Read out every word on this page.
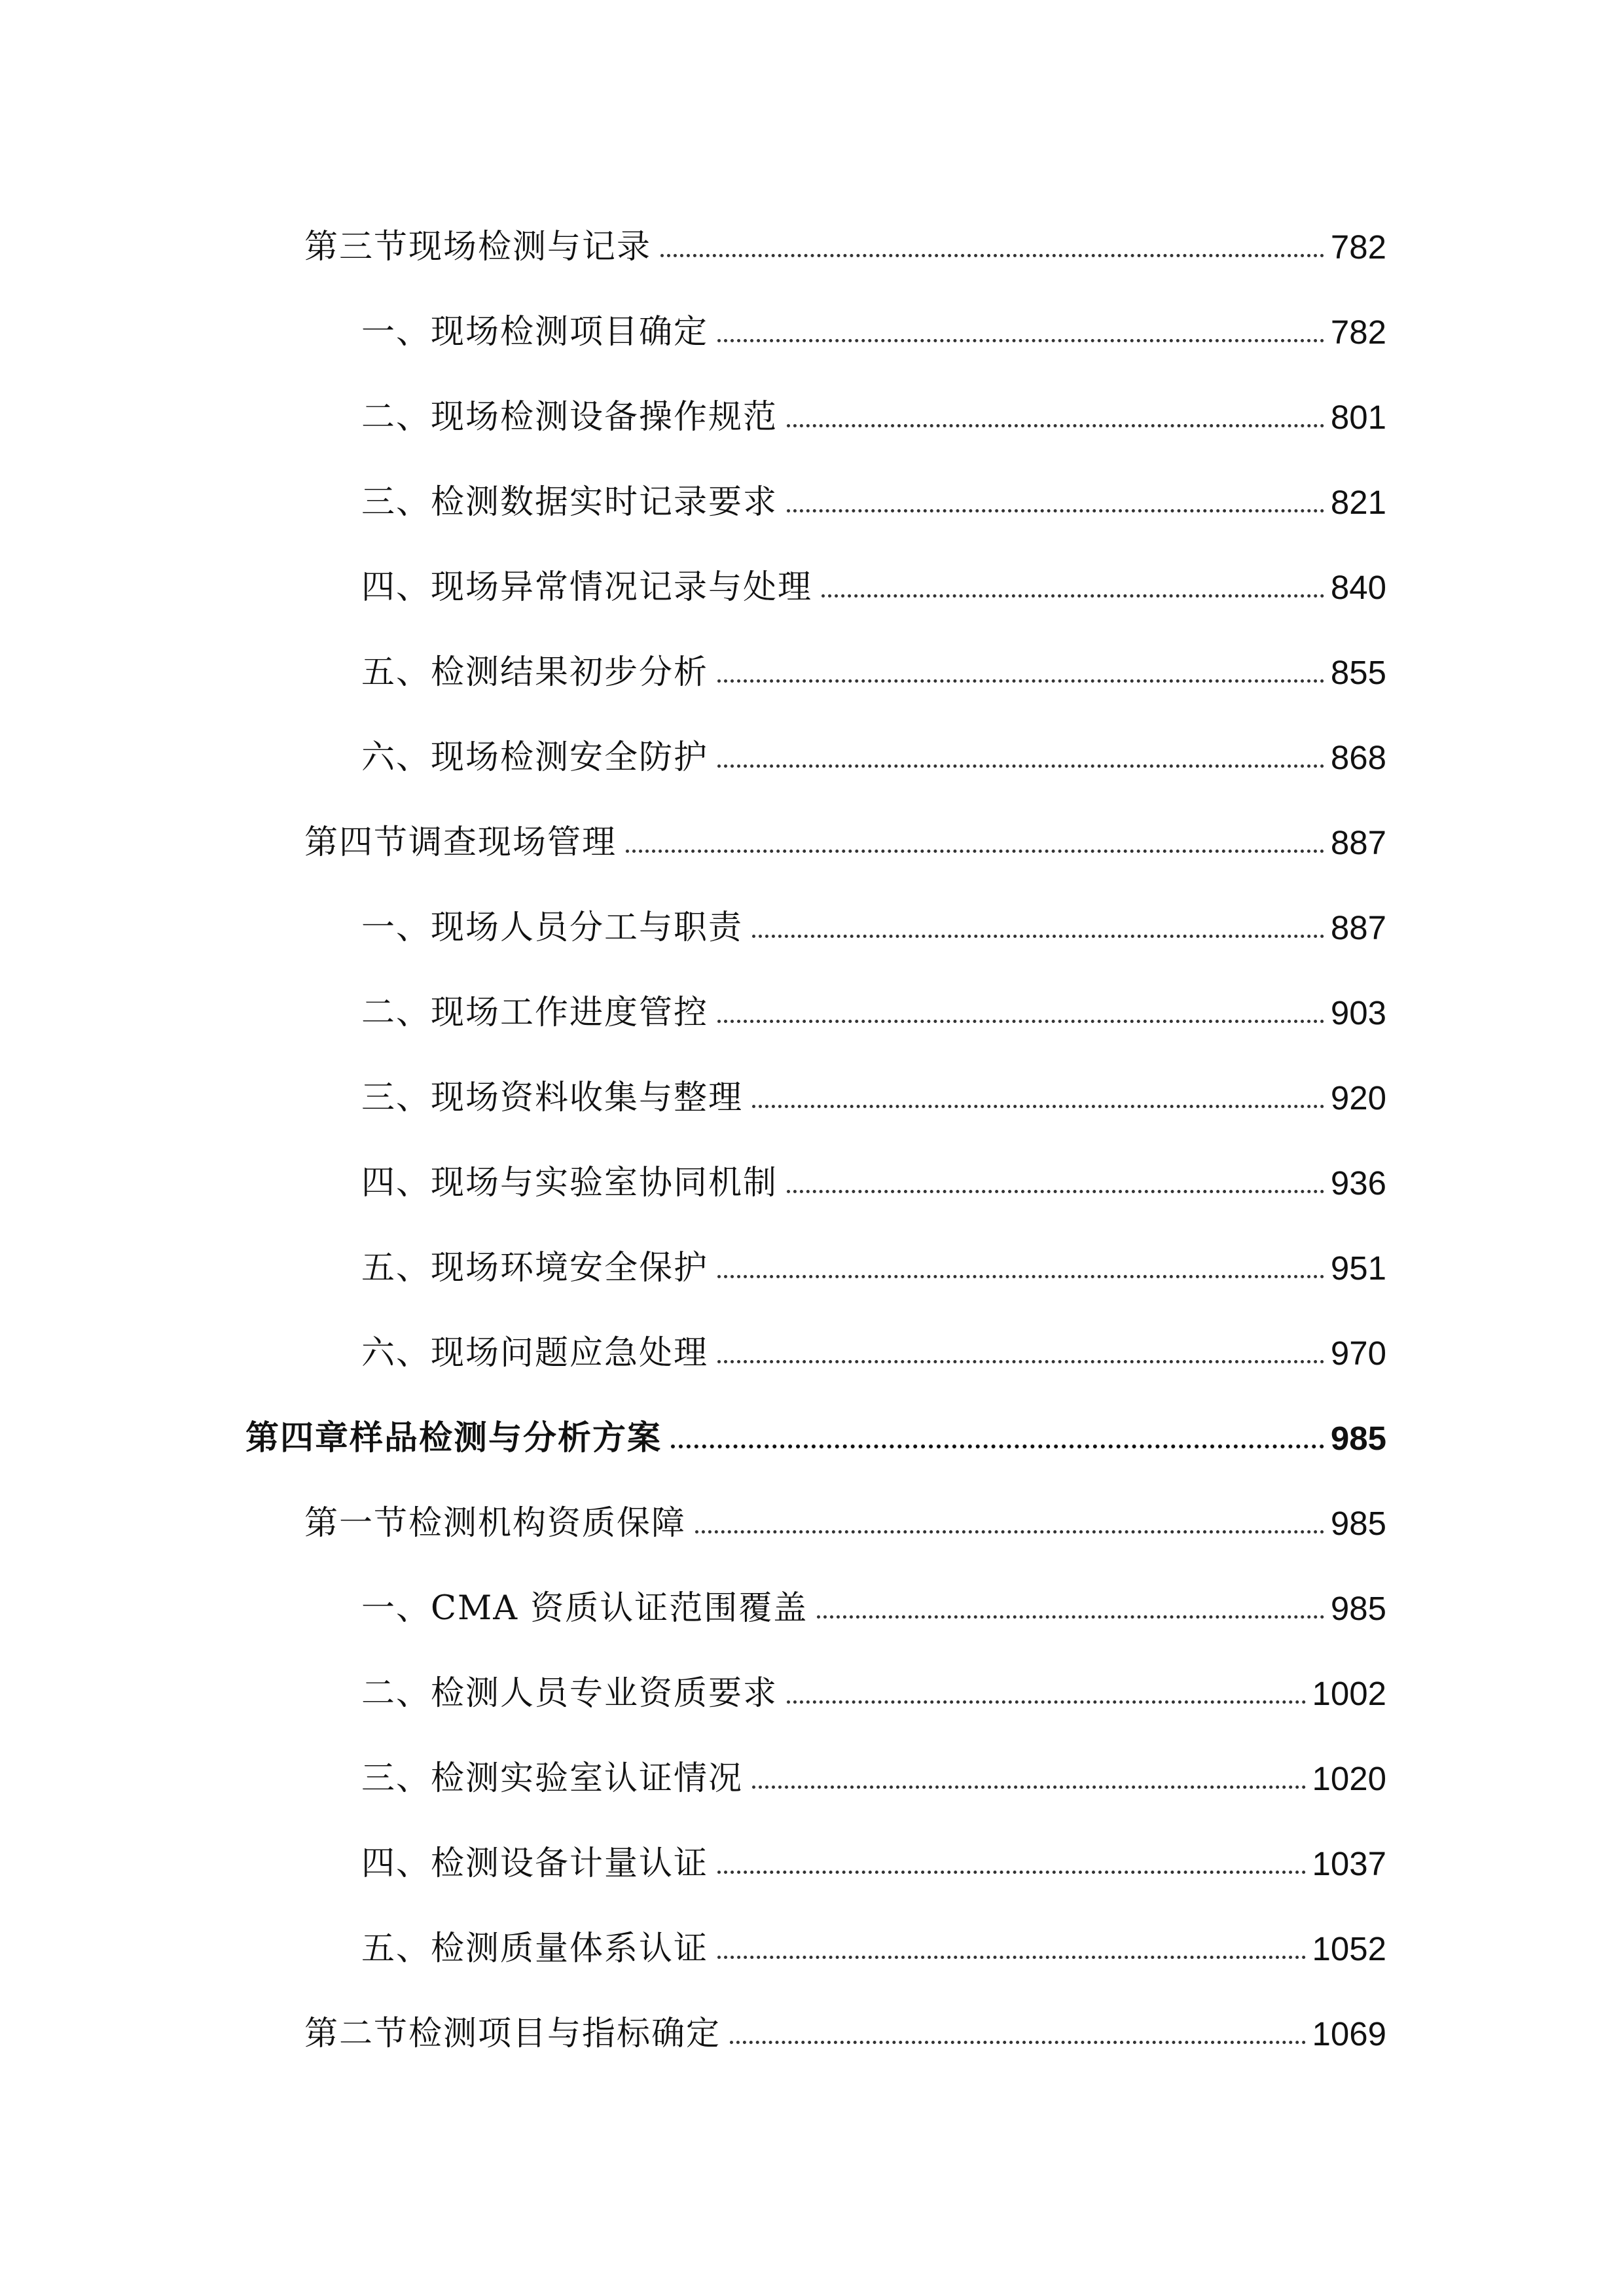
第三节现场检测与记录	782
一、现场检测项目确定	782
二、现场检测设备操作规范	801
三、检测数据实时记录要求	821
四、现场异常情况记录与处理	840
五、检测结果初步分析	855
六、现场检测安全防护	868
第四节调查现场管理	887
一、现场人员分工与职责	887
二、现场工作进度管控	903
三、现场资料收集与整理	920
四、现场与实验室协同机制	936
五、现场环境安全保护	951
六、现场问题应急处理	970
第四章样品检测与分析方案	985
第一节检测机构资质保障	985
一、CMA 资质认证范围覆盖	985
二、检测人员专业资质要求	1002
三、检测实验室认证情况	1020
四、检测设备计量认证	1037
五、检测质量体系认证	1052
第二节检测项目与指标确定	1069
